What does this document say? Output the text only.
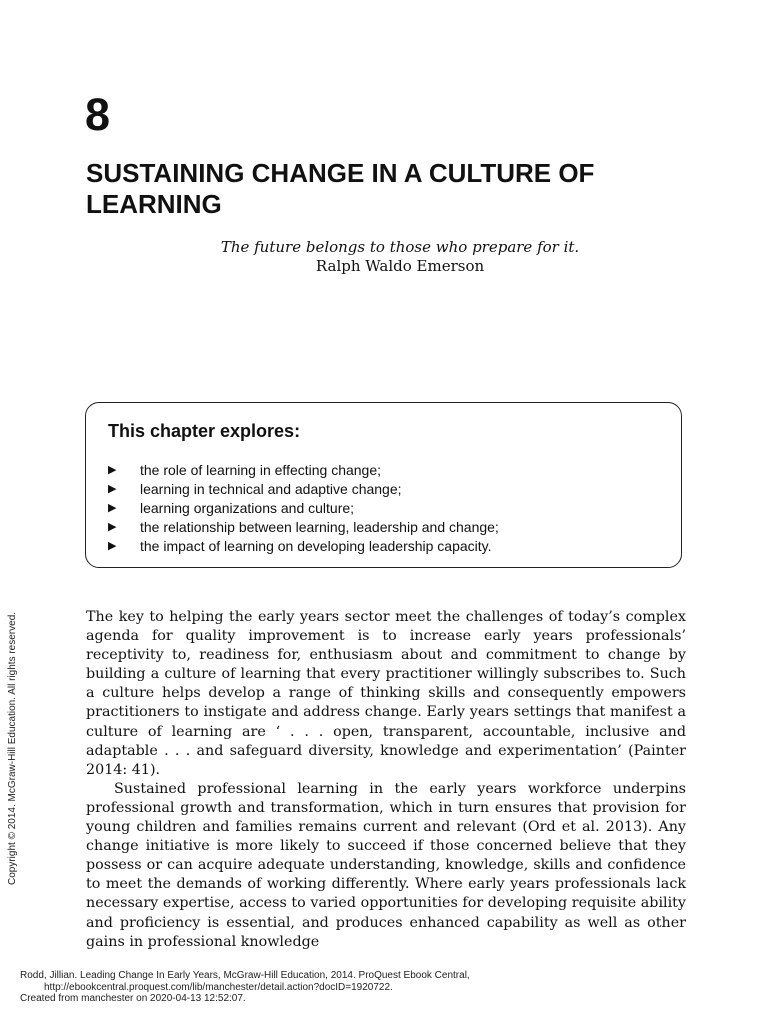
8
SUSTAINING CHANGE IN A CULTURE OF LEARNING
The future belongs to those who prepare for it.
Ralph Waldo Emerson
This chapter explores:
▶	the role of learning in effecting change;
▶	learning in technical and adaptive change;
▶	learning organizations and culture;
▶	the relationship between learning, leadership and change;
▶	the impact of learning on developing leadership capacity.

The key to helping the early years sector meet the challenges of today’s complex agenda for quality improvement is to increase early years professionals’ receptivity to, readiness for, enthusiasm about and commitment to change by building a culture of learning that every practitioner willingly subscribes to. Such a culture helps develop a range of thinking skills and consequently empowers practitioners to instigate and address change. Early years settings that manifest a culture of learning are ‘ . . . open, transparent, accountable, inclusive and adaptable . . . and safeguard diversity, knowledge and experimentation’ (Painter 2014: 41).

Sustained professional learning in the early years workforce underpins professional growth and transformation, which in turn ensures that provision for young children and families remains current and relevant (Ord et al. 2013). Any change initiative is more likely to succeed if those concerned believe that they possess or can acquire adequate understanding, knowledge, skills and confidence to meet the demands of working differently. Where early years professionals lack necessary expertise, access to varied opportunities for developing requisite ability and proficiency is essential, and produces enhanced capability as well as other gains in professional knowledge

Copyright © 2014. McGraw-Hill Education. All rights reserved.
Rodd, Jillian. Leading Change In Early Years, McGraw-Hill Education, 2014. ProQuest Ebook Central,
http://ebookcentral.proquest.com/lib/manchester/detail.action?docID=1920722.
Created from manchester on 2020-04-13 12:52:07.
